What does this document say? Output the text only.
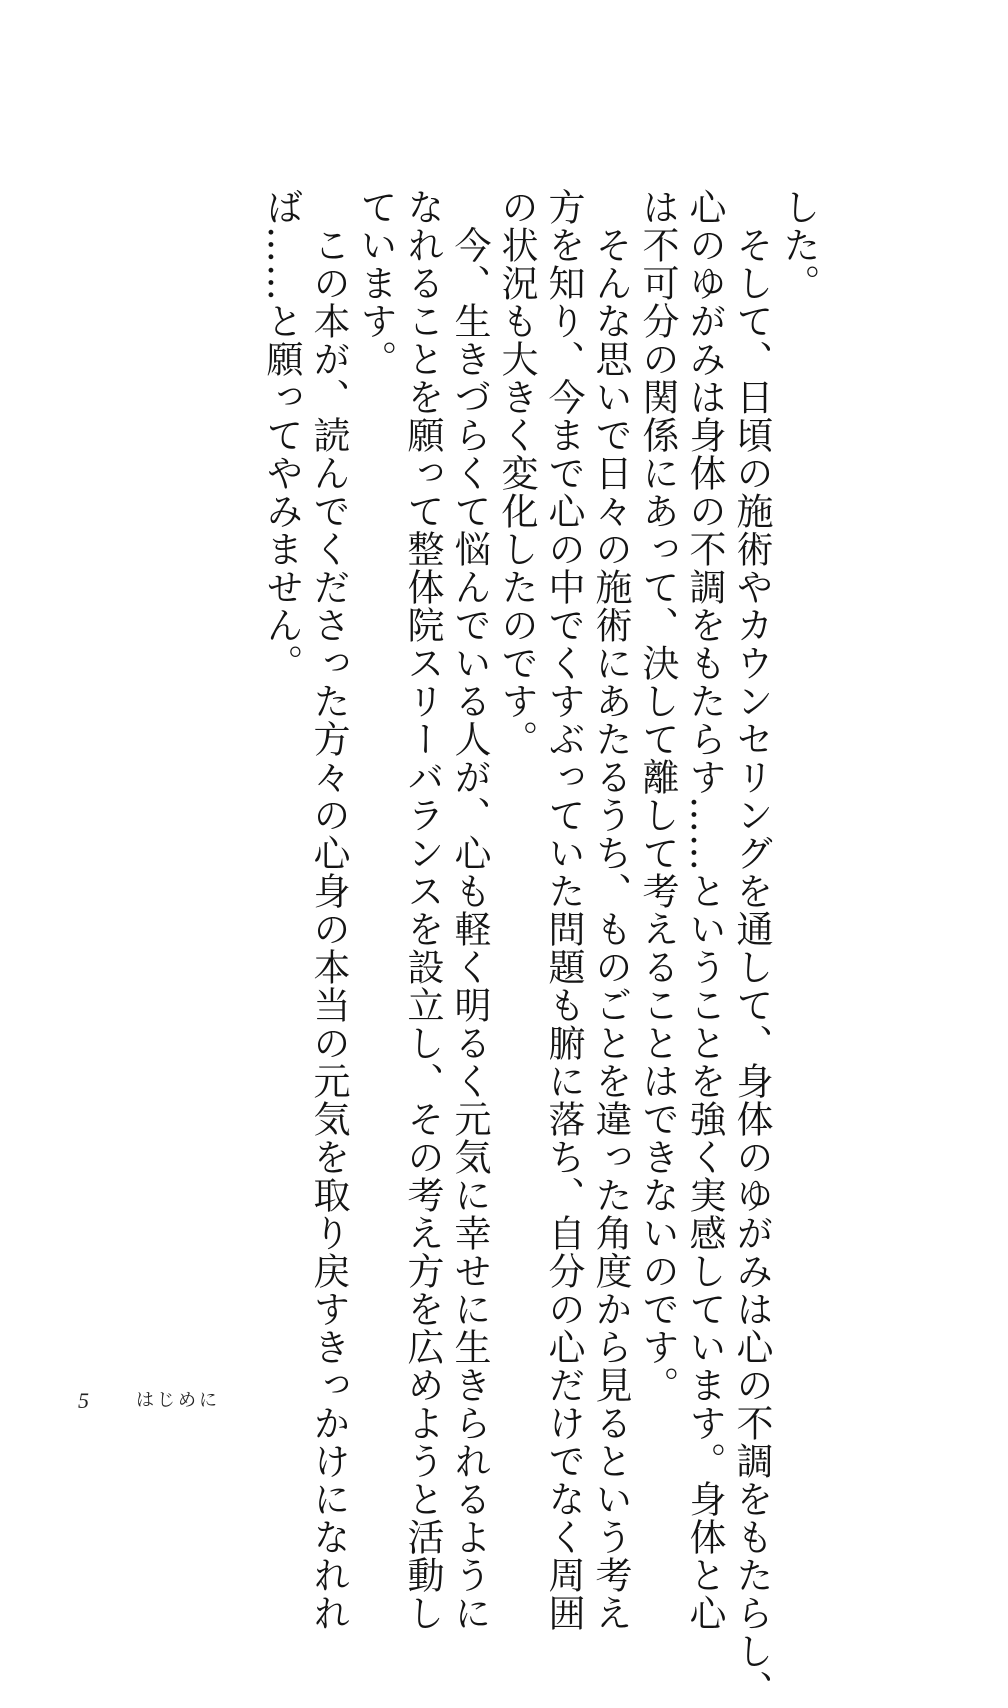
した。
　そして、日頃の施術やカウンセリングを通して、身体のゆがみは心の不調をもたらし、
心のゆがみは身体の不調をもたらす……ということを強く実感しています。身体と心
は不可分の関係にあって、決して離して考えることはできないのです。
　そんな思いで日々の施術にあたるうち、ものごとを違った角度から見るという考え
方を知り、今まで心の中でくすぶっていた問題も腑に落ち、自分の心だけでなく周囲
の状況も大きく変化したのです。
　今、生きづらくて悩んでいる人が、心も軽く明るく元気に幸せに生きられるように
なれることを願って整体院スリーバランスを設立し、その考え方を広めようと活動し
ています。
　この本が、読んでくださった方々の心身の本当の元気を取り戻すきっかけになれれ
ば……と願ってやみません。
5	はじめに
